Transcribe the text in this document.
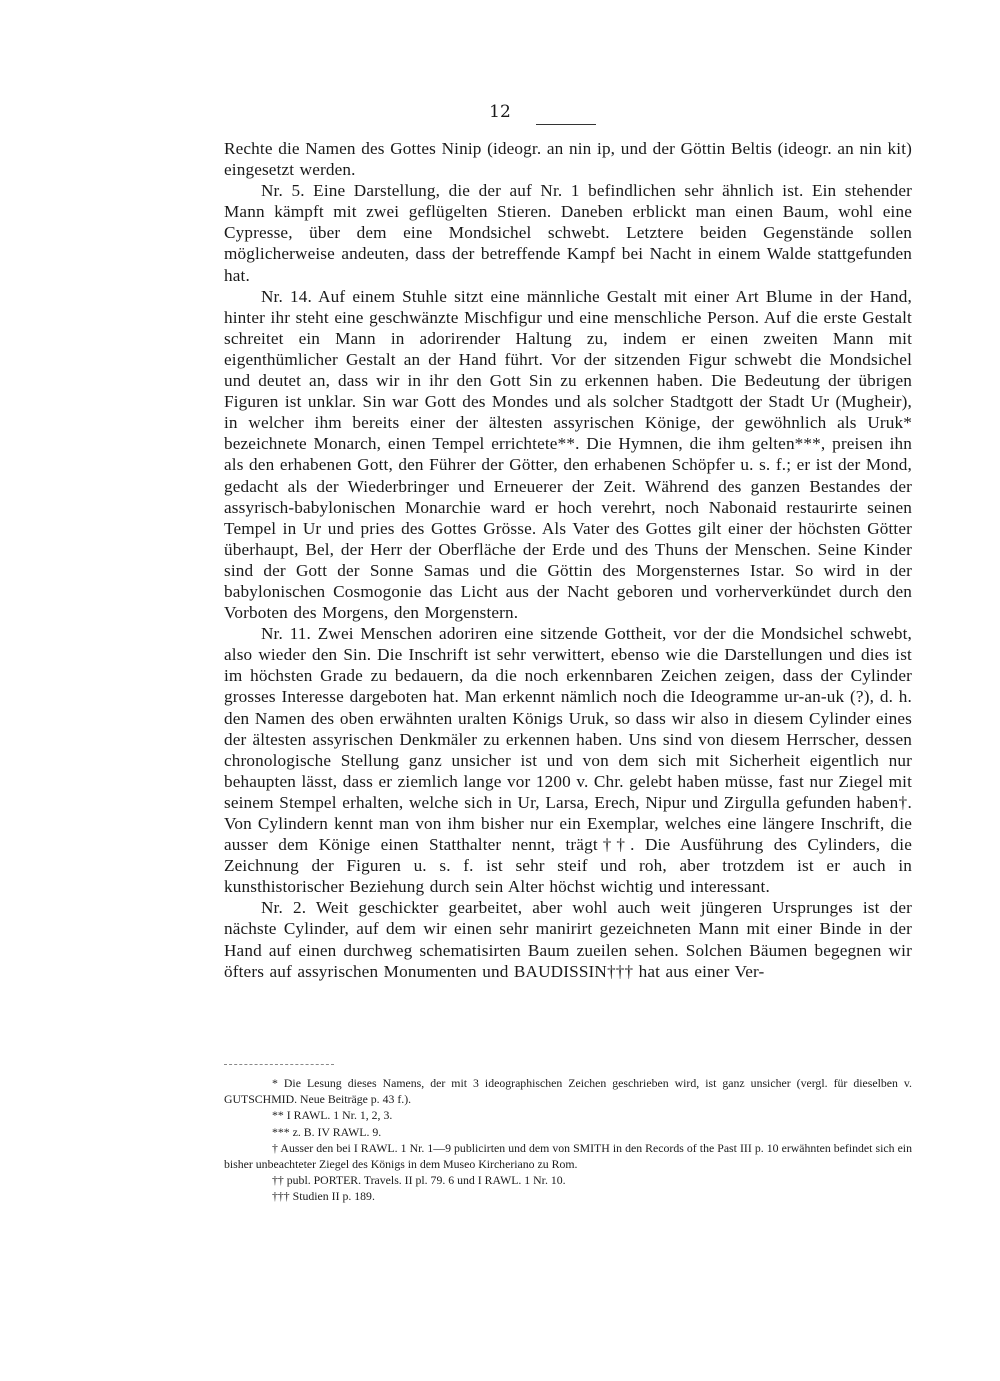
12

Rechte die Namen des Gottes Ninip (ideogr. an nin ip, und der Göttin Beltis (ideogr. an nin kit) eingesetzt werden.

Nr. 5. Eine Darstellung, die der auf Nr. 1 befindlichen sehr ähnlich ist. Ein stehender Mann kämpft mit zwei geflügelten Stieren. Daneben erblickt man einen Baum, wohl eine Cypresse, über dem eine Mondsichel schwebt. Letztere beiden Gegenstände sollen möglicherweise andeuten, dass der betreffende Kampf bei Nacht in einem Walde stattgefunden hat.

Nr. 14. Auf einem Stuhle sitzt eine männliche Gestalt mit einer Art Blume in der Hand, hinter ihr steht eine geschwänzte Mischfigur und eine menschliche Person. Auf die erste Gestalt schreitet ein Mann in adorirender Haltung zu, indem er einen zweiten Mann mit eigenthümlicher Gestalt an der Hand führt. Vor der sitzenden Figur schwebt die Mondsichel und deutet an, dass wir in ihr den Gott Sin zu erkennen haben. Die Bedeutung der übrigen Figuren ist unklar. Sin war Gott des Mondes und als solcher Stadtgott der Stadt Ur (Mugheir), in welcher ihm bereits einer der ältesten assyrischen Könige, der gewöhnlich als Uruk* bezeichnete Monarch, einen Tempel errichtete**. Die Hymnen, die ihm gelten***, preisen ihn als den erhabenen Gott, den Führer der Götter, den erhabenen Schöpfer u. s. f.; er ist der Mond, gedacht als der Wiederbringer und Erneuerer der Zeit. Während des ganzen Bestandes der assyrisch-babylonischen Monarchie ward er hoch verehrt, noch Nabonaid restaurirte seinen Tempel in Ur und pries des Gottes Grösse. Als Vater des Gottes gilt einer der höchsten Götter überhaupt, Bel, der Herr der Oberfläche der Erde und des Thuns der Menschen. Seine Kinder sind der Gott der Sonne Samas und die Göttin des Morgensternes Istar. So wird in der babylonischen Cosmogonie das Licht aus der Nacht geboren und vorherverkündet durch den Vorboten des Morgens, den Morgenstern.

Nr. 11. Zwei Menschen adoriren eine sitzende Gottheit, vor der die Mondsichel schwebt, also wieder den Sin. Die Inschrift ist sehr verwittert, ebenso wie die Darstellungen und dies ist im höchsten Grade zu bedauern, da die noch erkennbaren Zeichen zeigen, dass der Cylinder grosses Interesse dargeboten hat. Man erkennt nämlich noch die Ideogramme ur-an-uk (?), d. h. den Namen des oben erwähnten uralten Königs Uruk, so dass wir also in diesem Cylinder eines der ältesten assyrischen Denkmäler zu erkennen haben. Uns sind von diesem Herrscher, dessen chronologische Stellung ganz unsicher ist und von dem sich mit Sicherheit eigentlich nur behaupten lässt, dass er ziemlich lange vor 1200 v. Chr. gelebt haben müsse, fast nur Ziegel mit seinem Stempel erhalten, welche sich in Ur, Larsa, Erech, Nipur und Zirgulla gefunden haben†. Von Cylindern kennt man von ihm bisher nur ein Exemplar, welches eine längere Inschrift, die ausser dem Könige einen Statthalter nennt, trägt††. Die Ausführung des Cylinders, die Zeichnung der Figuren u. s. f. ist sehr steif und roh, aber trotzdem ist er auch in kunsthistorischer Beziehung durch sein Alter höchst wichtig und interessant.

Nr. 2. Weit geschickter gearbeitet, aber wohl auch weit jüngeren Ursprunges ist der nächste Cylinder, auf dem wir einen sehr manirirt gezeichneten Mann mit einer Binde in der Hand auf einen durchweg schematisirten Baum zueilen sehen. Solchen Bäumen begegnen wir öfters auf assyrischen Monumenten und BAUDISSIN††† hat aus einer Ver-

* Die Lesung dieses Namens, der mit 3 ideographischen Zeichen geschrieben wird, ist ganz unsicher (vergl. für dieselben v. GUTSCHMID. Neue Beiträge p. 43 f.).

** I RAWL. 1 Nr. 1, 2, 3.

*** z. B. IV RAWL. 9.

† Ausser den bei I RAWL. 1 Nr. 1—9 publicirten und dem von SMITH in den Records of the Past III p. 10 erwähnten befindet sich ein bisher unbeachteter Ziegel des Königs in dem Museo Kircheriano zu Rom.

†† publ. PORTER. Travels. II pl. 79. 6 und I RAWL. 1 Nr. 10.

††† Studien II p. 189.
